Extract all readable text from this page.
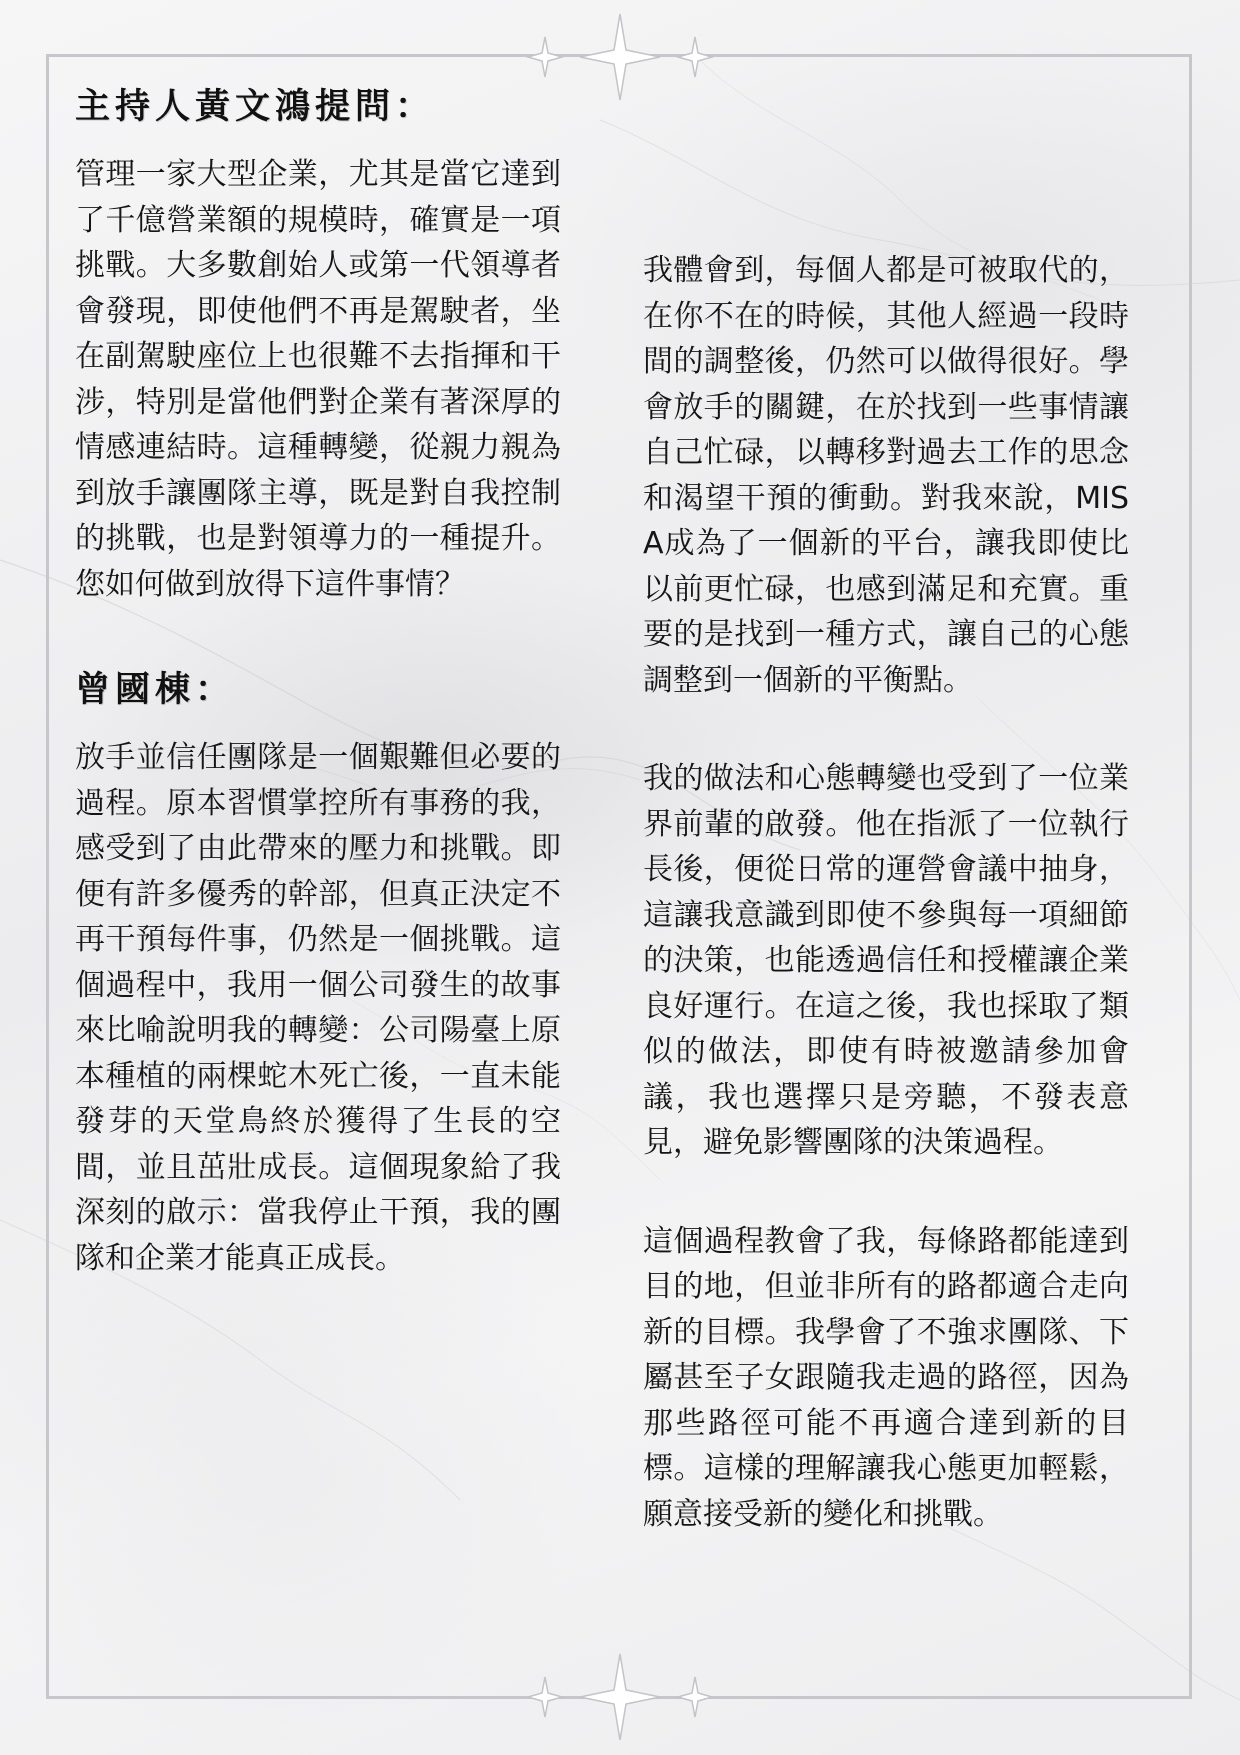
主持人黃文鴻提問：

管理一家大型企業，尤其是當它達到了千億營業額的規模時，確實是一項挑戰。大多數創始人或第一代領導者會發現，即使他們不再是駕駛者，坐在副駕駛座位上也很難不去指揮和干涉，特別是當他們對企業有著深厚的情感連結時。這種轉變，從親力親為到放手讓團隊主導，既是對自我控制的挑戰，也是對領導力的一種提升。您如何做到放得下這件事情？

曾國棟：

放手並信任團隊是一個艱難但必要的過程。原本習慣掌控所有事務的我，感受到了由此帶來的壓力和挑戰。即便有許多優秀的幹部，但真正決定不再干預每件事，仍然是一個挑戰。這個過程中，我用一個公司發生的故事來比喻說明我的轉變：公司陽臺上原本種植的兩棵蛇木死亡後，一直未能發芽的天堂鳥終於獲得了生長的空間，並且茁壯成長。這個現象給了我深刻的啟示：當我停止干預，我的團隊和企業才能真正成長。

我體會到，每個人都是可被取代的，在你不在的時候，其他人經過一段時間的調整後，仍然可以做得很好。學會放手的關鍵，在於找到一些事情讓自己忙碌，以轉移對過去工作的思念和渴望干預的衝動。對我來說，MISA成為了一個新的平台，讓我即使比以前更忙碌，也感到滿足和充實。重要的是找到一種方式，讓自己的心態調整到一個新的平衡點。

我的做法和心態轉變也受到了一位業界前輩的啟發。他在指派了一位執行長後，便從日常的運營會議中抽身，這讓我意識到即使不參與每一項細節的決策，也能透過信任和授權讓企業良好運行。在這之後，我也採取了類似的做法，即使有時被邀請參加會議，我也選擇只是旁聽，不發表意見，避免影響團隊的決策過程。

這個過程教會了我，每條路都能達到目的地，但並非所有的路都適合走向新的目標。我學會了不強求團隊、下屬甚至子女跟隨我走過的路徑，因為那些路徑可能不再適合達到新的目標。這樣的理解讓我心態更加輕鬆，願意接受新的變化和挑戰。
